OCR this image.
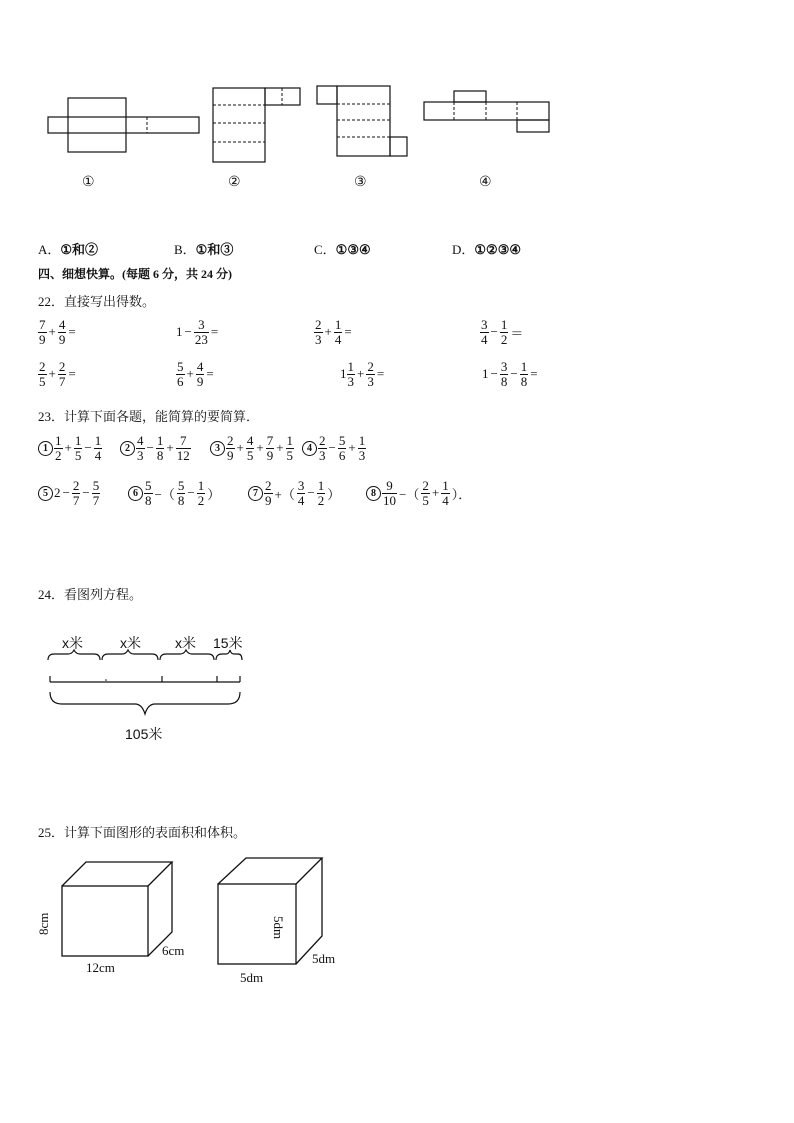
①	②	③	④
A．①和②	B．①和③	C．①③④	D．①②③④
四、细想快算。(每题 6 分，共 24 分)
22．直接写出得数。
$\frac{7}{9} + \frac{4}{9}$ =	$1 - \frac{3}{23}$ =	$\frac{2}{3} + \frac{1}{4}$ =	$\frac{3}{4} - \frac{1}{2}$ ＝
$\frac{2}{5} + \frac{2}{7}$ =	$\frac{5}{6} + \frac{4}{9}$ =	$1 \frac{1}{3} + \frac{2}{3}$ =	$1 - \frac{3}{8} - \frac{1}{8}$ =
23．计算下面各题，能简算的要简算．
$1 \frac{1}{2} + \frac{1}{5} - \frac{1}{4}$	$2 \frac{4}{3} - \frac{1}{8} + \frac{7}{12}$	$3 \frac{2}{9} + \frac{4}{5} + \frac{7}{9} + \frac{1}{5}$	$4 \frac{2}{3} - \frac{5}{6} + \frac{1}{3}$
5 $2 - \frac{2}{7} - \frac{5}{7}$	$6 \frac{5}{8}$ −（ $\frac{5}{8} - \frac{1}{2}$ ）	$7 \frac{2}{9}$ +（ $\frac{3}{4} - \frac{1}{2}$ ）	$8 \frac{9}{10}$ −（ $\frac{2}{5} + \frac{1}{4}$ ）．
24．看图列方程。
x米	x米 x米 15米
105米
25．计算下面图形的表面积和体积。
8cm
12cm
6cm
5dm
5dm
5dm
